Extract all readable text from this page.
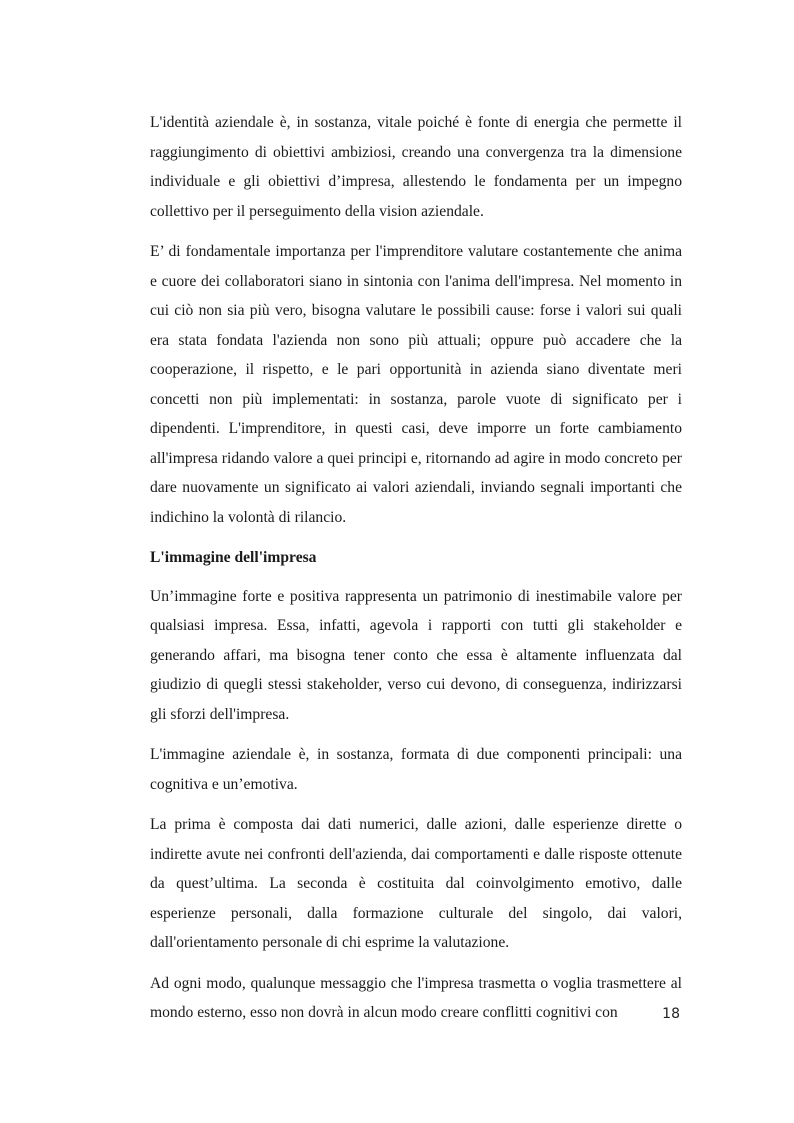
L'identità aziendale è, in sostanza, vitale poiché è fonte di energia che permette il raggiungimento di obiettivi ambiziosi, creando una convergenza tra la dimensione individuale e gli obiettivi d’impresa, allestendo le fondamenta per un impegno collettivo per il perseguimento della vision aziendale.

E’ di fondamentale importanza per l'imprenditore valutare costantemente che anima e cuore dei collaboratori siano in sintonia con l'anima dell'impresa. Nel momento in cui ciò non sia più vero, bisogna valutare le possibili cause: forse i valori sui quali era stata fondata l'azienda non sono più attuali; oppure può accadere che la cooperazione, il rispetto, e le pari opportunità in azienda siano diventate meri concetti non più implementati: in sostanza, parole vuote di significato per i dipendenti. L'imprenditore, in questi casi, deve imporre un forte cambiamento all'impresa ridando valore a quei principi e, ritornando ad agire in modo concreto per dare nuovamente un significato ai valori aziendali, inviando segnali importanti che indichino la volontà di rilancio.

L'immagine dell'impresa

Un’immagine forte e positiva rappresenta un patrimonio di inestimabile valore per qualsiasi impresa. Essa, infatti, agevola i rapporti con tutti gli stakeholder e generando affari, ma bisogna tener conto che essa è altamente influenzata dal giudizio di quegli stessi stakeholder, verso cui devono, di conseguenza, indirizzarsi gli sforzi dell'impresa.

L'immagine aziendale è, in sostanza, formata di due componenti principali: una cognitiva e un’emotiva.

La prima è composta dai dati numerici, dalle azioni, dalle esperienze dirette o indirette avute nei confronti dell'azienda, dai comportamenti e dalle risposte ottenute da quest’ultima. La seconda è costituita dal coinvolgimento emotivo, dalle esperienze personali, dalla formazione culturale del singolo, dai valori, dall'orientamento personale di chi esprime la valutazione.

Ad ogni modo, qualunque messaggio che l'impresa trasmetta o voglia trasmettere al mondo esterno, esso non dovrà in alcun modo creare conflitti cognitivi con	18
